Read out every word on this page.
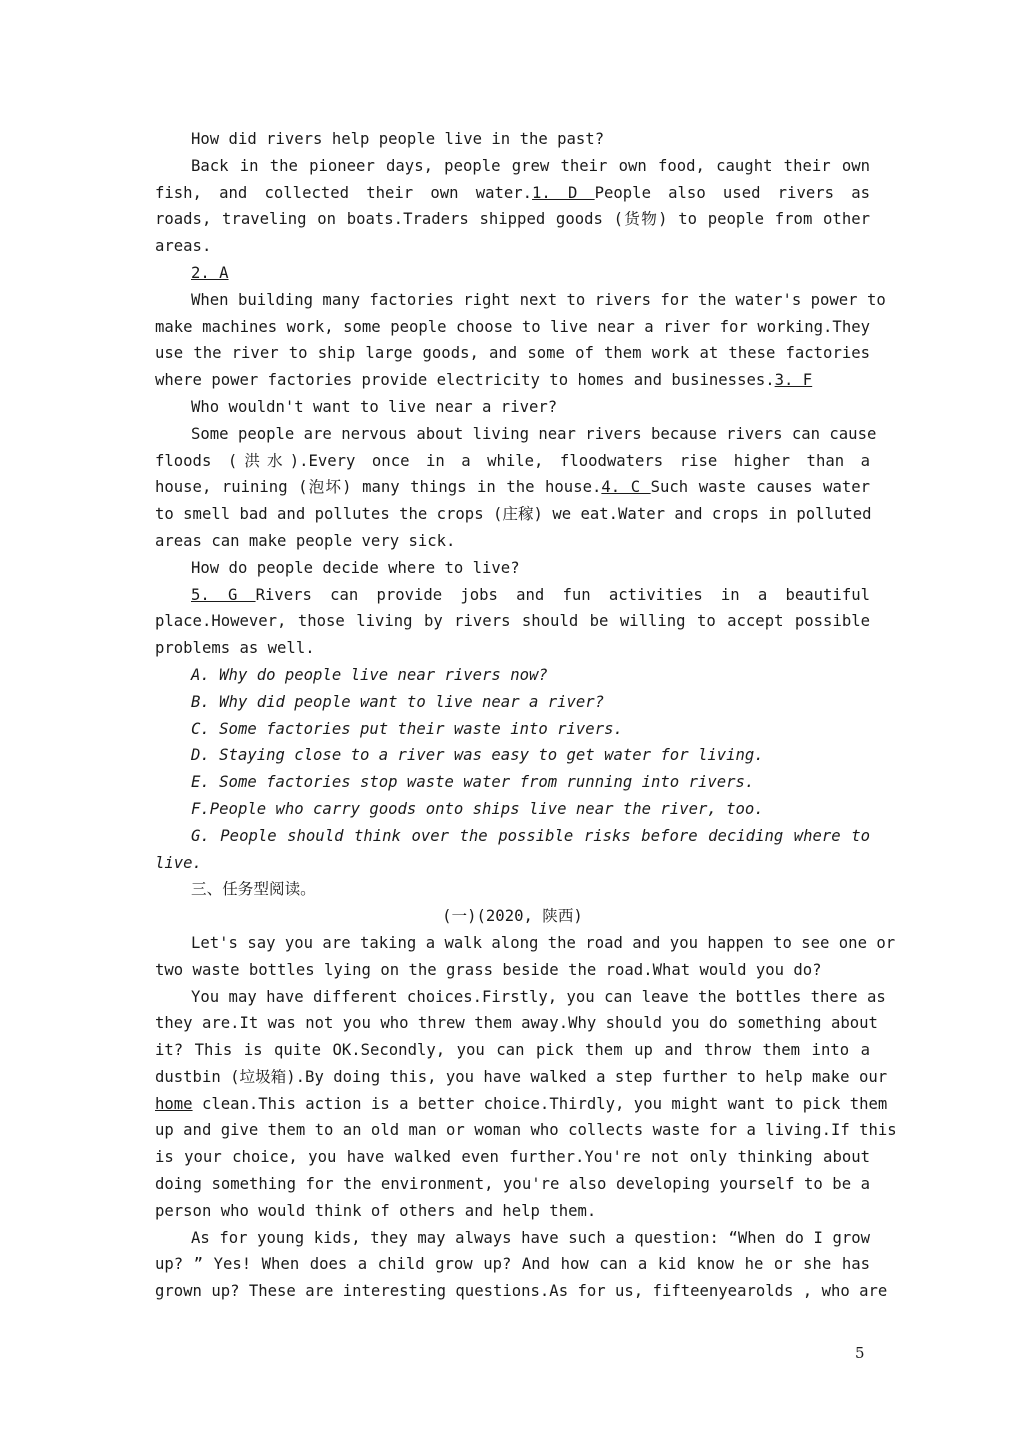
How did rivers help people live in the past?
Back in the pioneer days, people grew their own food, caught their own
fish, and collected their own water.1. D People also used rivers as
roads, traveling on boats.Traders shipped goods (货物) to people from other
areas.
2. A
When building many factories right next to rivers for the water's power to
make machines work, some people choose to live near a river for working.They
use the river to ship large goods, and some of them work at these factories
where power factories provide electricity to homes and businesses.3. F
Who wouldn't want to live near a river?
Some people are nervous about living near rivers because rivers can cause
floods (洪水).Every once in a while, floodwaters rise higher than a
house, ruining (泡坏) many things in the house.4. C Such waste causes water
to smell bad and pollutes the crops (庄稼) we eat.Water and crops in polluted
areas can make people very sick.
How do people decide where to live?
5. G Rivers can provide jobs and fun activities in a beautiful
place.However, those living by rivers should be willing to accept possible
problems as well.
A. Why do people live near rivers now?
B. Why did people want to live near a river?
C. Some factories put their waste into rivers.
D. Staying close to a river was easy to get water for living.
E. Some factories stop waste water from running into rivers.
F.People who carry goods onto ships live near the river, too.
G. People should think over the possible risks before deciding where to
live.
三、任务型阅读。
(一)(2020, 陕西)
Let's say you are taking a walk along the road and you happen to see one or
two waste bottles lying on the grass beside the road.What would you do?
You may have different choices.Firstly, you can leave the bottles there as
they are.It was not you who threw them away.Why should you do something about
it? This is quite OK.Secondly, you can pick them up and throw them into a
dustbin (垃圾箱).By doing this, you have walked a step further to help make our
home clean.This action is a better choice.Thirdly, you might want to pick them
up and give them to an old man or woman who collects waste for a living.If this
is your choice, you have walked even further.You're not only thinking about
doing something for the environment, you're also developing yourself to be a
person who would think of others and help them.
As for young kids, they may always have such a question: “When do I grow
up? ” Yes! When does a child grow up? And how can a kid know he or she has
grown up? These are interesting questions.As for us, fifteenyearolds , who are
5
